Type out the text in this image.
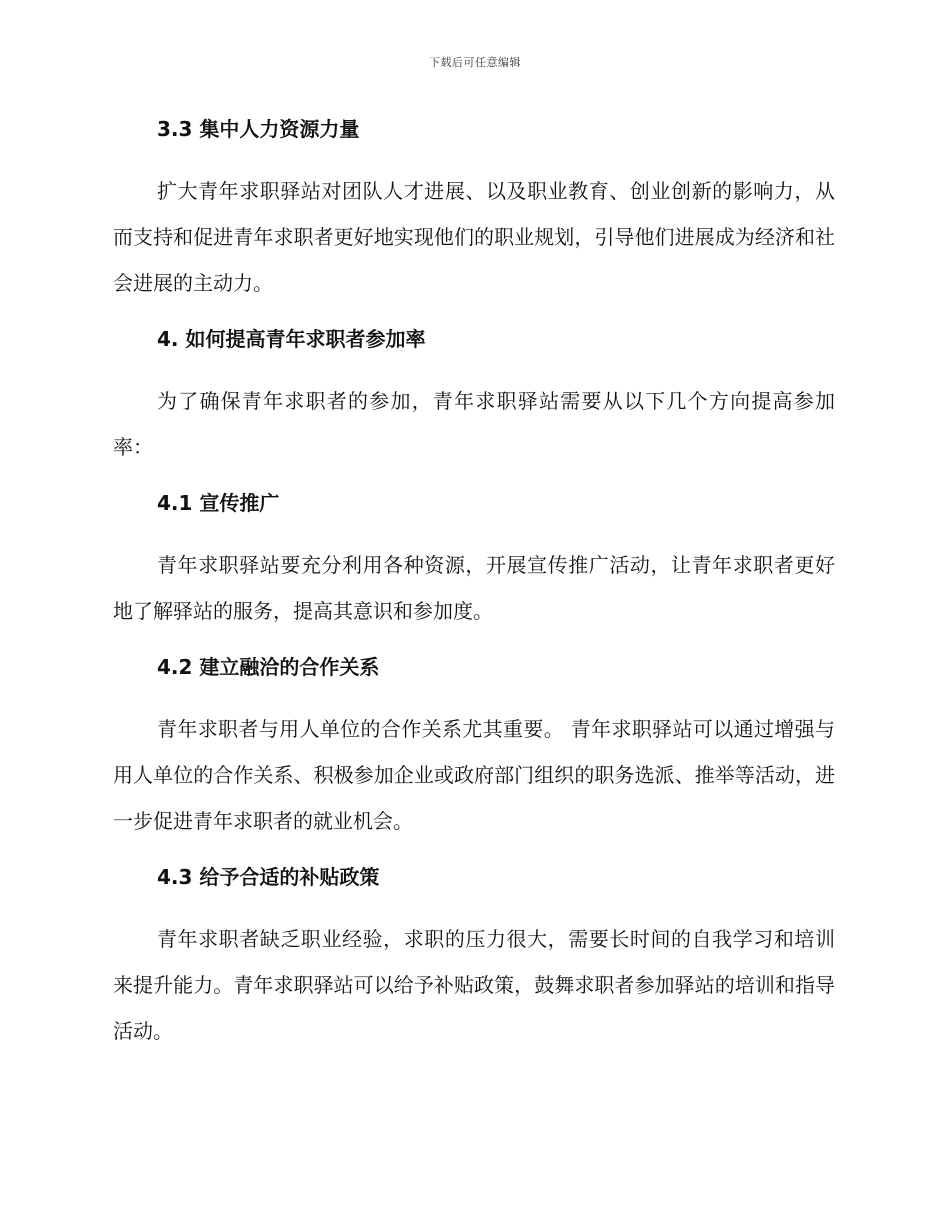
下载后可任意编辑
3.3 集中人力资源力量

扩大青年求职驿站对团队人才进展、以及职业教育、创业创新的影响力，从而支持和促进青年求职者更好地实现他们的职业规划，引导他们进展成为经济和社会进展的主动力。

4. 如何提高青年求职者参加率

为了确保青年求职者的参加，青年求职驿站需要从以下几个方向提高参加率：

4.1 宣传推广

青年求职驿站要充分利用各种资源，开展宣传推广活动，让青年求职者更好地了解驿站的服务，提高其意识和参加度。

4.2 建立融洽的合作关系

青年求职者与用人单位的合作关系尤其重要。 青年求职驿站可以通过增强与用人单位的合作关系、积极参加企业或政府部门组织的职务选派、推举等活动，进一步促进青年求职者的就业机会。

4.3 给予合适的补贴政策

青年求职者缺乏职业经验，求职的压力很大，需要长时间的自我学习和培训来提升能力。青年求职驿站可以给予补贴政策，鼓舞求职者参加驿站的培训和指导活动。
